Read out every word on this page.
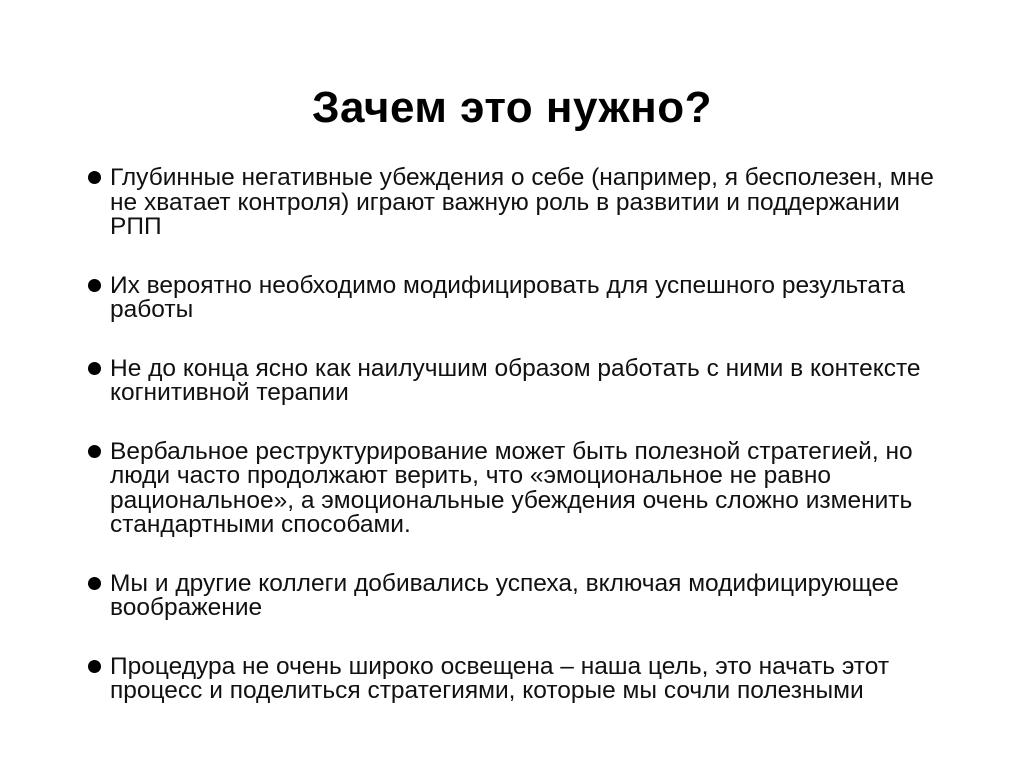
Зачем это нужно?
Глубинные негативные убеждения о себе (например, я бесполезен, мне не хватает контроля) играют важную роль в развитии и поддержании РПП
Их вероятно необходимо модифицировать для успешного результата работы
Не до конца ясно как наилучшим образом работать с ними в контексте когнитивной терапии
Вербальное реструктурирование может быть полезной стратегией, но люди часто продолжают верить, что «эмоциональное не равно рациональное», а эмоциональные убеждения очень сложно изменить стандартными способами.
Мы и другие коллеги добивались успеха, включая модифицирующее воображение
Процедура не очень широко освещена – наша цель, это начать этот процесс и поделиться стратегиями, которые мы сочли полезными
